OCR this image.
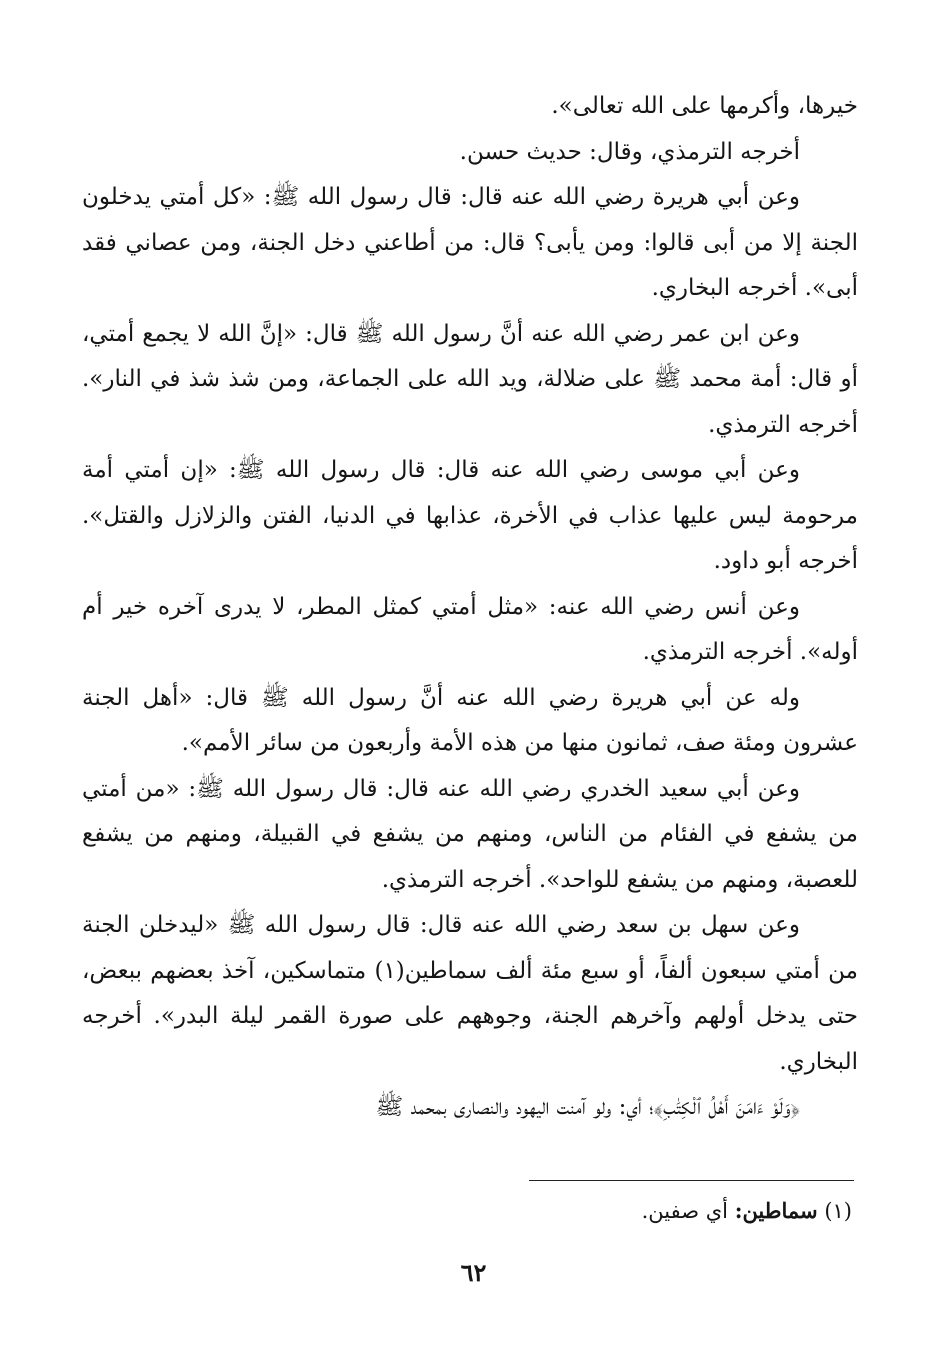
خيرها، وأكرمها على الله تعالى».

أخرجه الترمذي، وقال: حديث حسن.

وعن أبي هريرة رضي الله عنه قال: قال رسول الله ﷺ: «كل أمتي يدخلون الجنة إلا من أبى قالوا: ومن يأبى؟ قال: من أطاعني دخل الجنة، ومن عصاني فقد أبى». أخرجه البخاري.

وعن ابن عمر رضي الله عنه أنَّ رسول الله ﷺ قال: «إنَّ الله لا يجمع أمتي، أو قال: أمة محمد ﷺ على ضلالة، ويد الله على الجماعة، ومن شذ شذ في النار». أخرجه الترمذي.

وعن أبي موسى رضي الله عنه قال: قال رسول الله ﷺ: «إن أمتي أمة مرحومة ليس عليها عذاب في الأخرة، عذابها في الدنيا، الفتن والزلازل والقتل». أخرجه أبو داود.

وعن أنس رضي الله عنه: «مثل أمتي كمثل المطر، لا يدرى آخره خير أم أوله». أخرجه الترمذي.

وله عن أبي هريرة رضي الله عنه أنَّ رسول الله ﷺ قال: «أهل الجنة عشرون ومئة صف، ثمانون منها من هذه الأمة وأربعون من سائر الأمم».

وعن أبي سعيد الخدري رضي الله عنه قال: قال رسول الله ﷺ: «من أمتي من يشفع في الفئام من الناس، ومنهم من يشفع في القبيلة، ومنهم من يشفع للعصبة، ومنهم من يشفع للواحد». أخرجه الترمذي.

وعن سهل بن سعد رضي الله عنه قال: قال رسول الله ﷺ «ليدخلن الجنة من أمتي سبعون ألفاً، أو سبع مئة ألف سماطين(١) متماسكين، آخذ بعضهم ببعض، حتى يدخل أولهم وآخرهم الجنة، وجوههم على صورة القمر ليلة البدر». أخرجه البخاري.

﴿وَلَوْ ءَامَنَ أَهْلُ ٱلْكِتَٰبِ﴾؛ أي: ولو آمنت اليهود والنصارى بمحمد ﷺ

(١) سماطين: أي صفين.
٦٢
